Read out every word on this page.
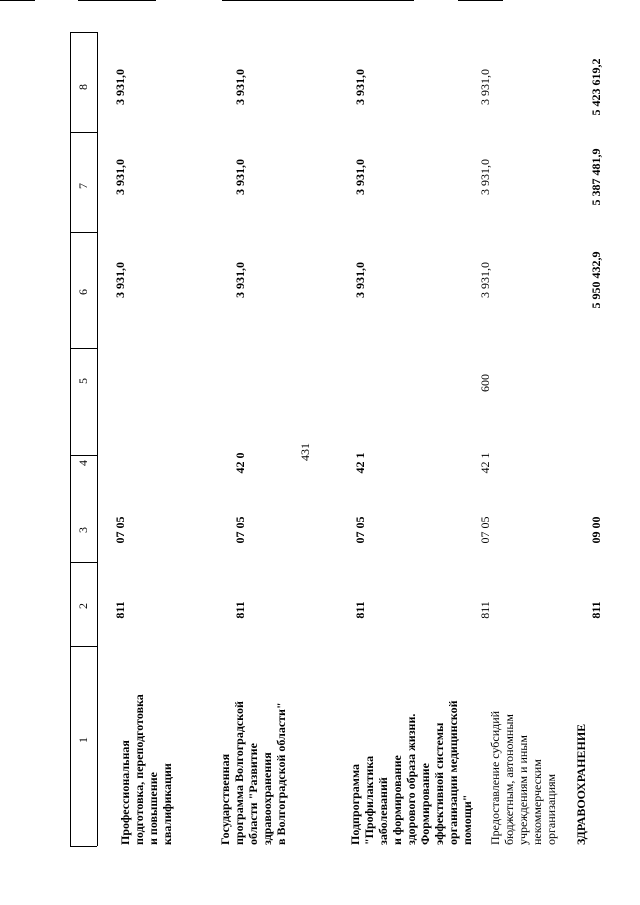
431
1
2
3
4
5
6
7
8
Профессиональная
подготовка, переподготовка
и повышение
квалификации
811
07 05
3 931,0
3 931,0
3 931,0
Государственная
программа Волгоградской
области "Развитие
здравоохранения
в Волгоградской области"
811
07 05
42 0
3 931,0
3 931,0
3 931,0
Подпрограмма
"Профилактика
заболеваний
и формирование
здорового образа жизни.
Формирование
эффективной системы
организации медицинской
помощи"
811
07 05
42 1
3 931,0
3 931,0
3 931,0
Предоставление субсидий
бюджетным, автономным
учреждениям и иным
некоммерческим
организациям
811
07 05
42 1
600
3 931,0
3 931,0
3 931,0
ЗДРАВООХРАНЕНИЕ
811
09 00
5 950 432,9
5 387 481,9
5 423 619,2
